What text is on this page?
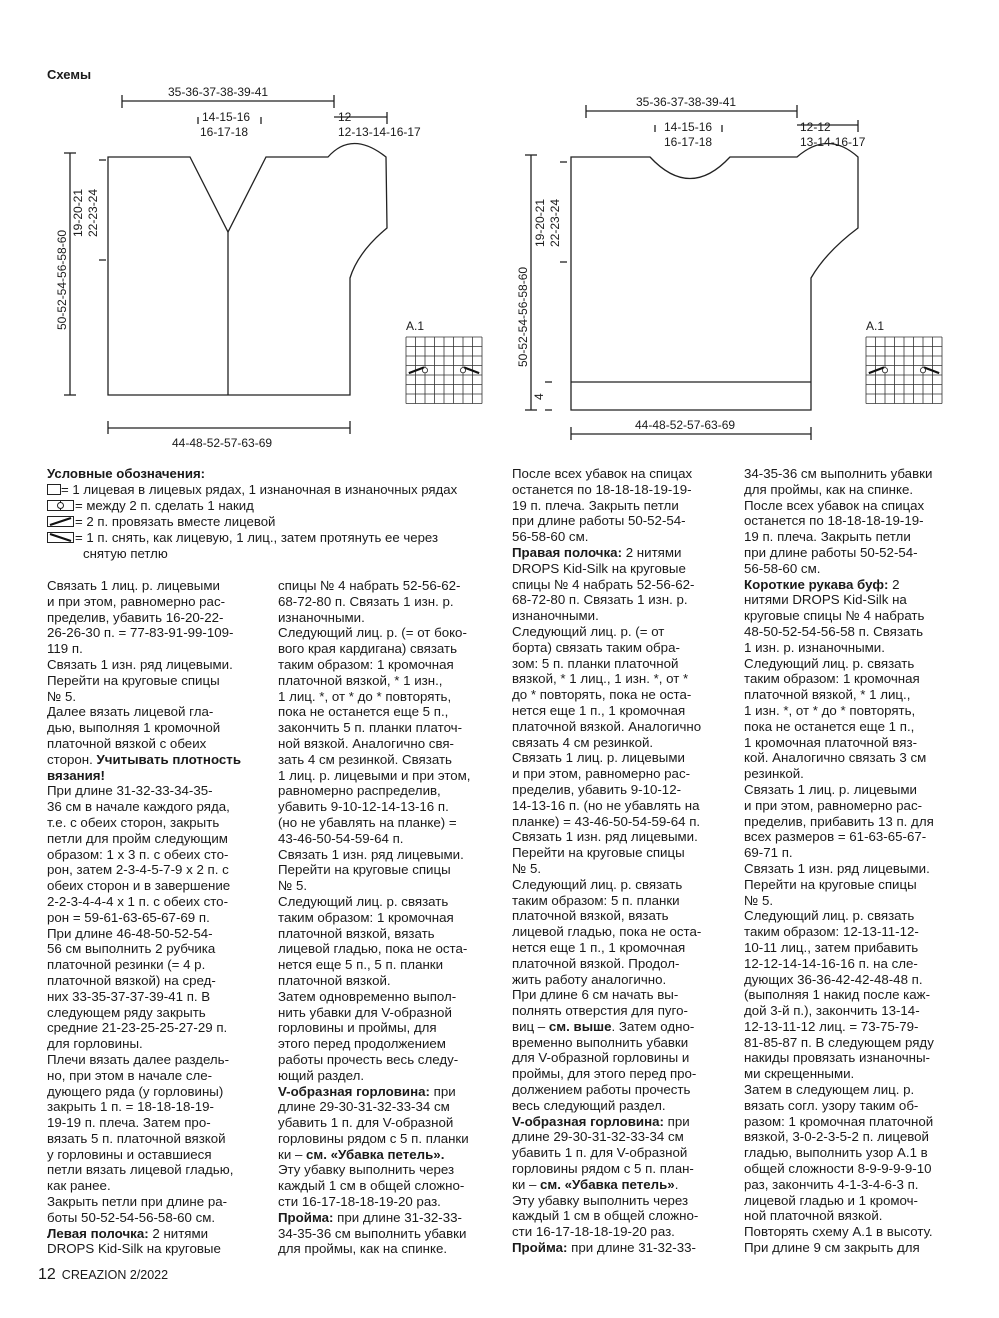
35-36-37-38-39-41
14-15-16
16-17-18
12
12-13-14-16-17
50-52-54-56-58-60
19-20-21 22-23-24
44-48-52-57-63-69
A.1
35-36-37-38-39-41
14-15-16
16-17-18
12-12
13-14-16-17
50-52-54-56-58-60
19-20-21 22-23-24
4
44-48-52-57-63-69
A.1
Схемы
Условные обозначения:
= 1 лицевая в лицевых рядах, 1 изнаночная в изнаночных рядах
= между 2 п. сделать 1 накид
= 2 п. провязать вместе лицевой
= 1 п. снять, как лицевую, 1 лиц., затем протянуть ее через
снятую петлю

Связать 1 лиц. р. лицевыми

и при этом, равномерно рас-

пределив, убавить 16-20-22-

26-26-30 п. = 77-83-91-99-109-

119 п.

Связать 1 изн. ряд лицевыми.

Перейти на круговые спицы

№ 5.

Далее вязать лицевой гла-

дью, выполняя 1 кромочной

платочной вязкой с обеих

сторон. Учитывать плотность

вязания!

При длине 31-32-33-34-35-

36 см в начале каждого ряда,

т.е. с обеих сторон, закрыть

петли для пройм следующим

образом: 1 х 3 п. с обеих сто-

рон, затем 2-3-4-5-7-9 х 2 п. с

обеих сторон и в завершение

2-2-3-4-4-4 х 1 п. с обеих сто-

рон = 59-61-63-65-67-69 п.

При длине 46-48-50-52-54-

56 см выполнить 2 рубчика

платочной резинки (= 4 р.

платочной вязкой) на сред-

них 33-35-37-37-39-41 п. В

следующем ряду закрыть

средние 21-23-25-25-27-29 п.

для горловины.

Плечи вязать далее раздель-

но, при этом в начале сле-

дующего ряда (у горловины)

закрыть 1 п. = 18-18-18-19-

19-19 п. плеча. Затем про-

вязать 5 п. платочной вязкой

у горловины и оставшиеся

петли вязать лицевой гладью,

как ранее.

Закрыть петли при длине ра-

боты 50-52-54-56-58-60 см.

Левая полочка: 2 нитями

DROPS Kid-Silk на круговые

спицы № 4 набрать 52-56-62-

68-72-80 п. Связать 1 изн. р.

изнаночными.

Следующий лиц. р. (= от боко-

вого края кардигана) связать

таким образом: 1 кромочная

платочной вязкой, * 1 изн.,

1 лиц. *, от * до * повторять,

пока не останется еще 5 п.,

закончить 5 п. планки платоч-

ной вязкой. Аналогично свя-

зать 4 см резинкой. Связать

1 лиц. р. лицевыми и при этом,

равномерно распределив,

убавить 9-10-12-14-13-16 п.

(но не убавлять на планке) =

43-46-50-54-59-64 п.

Связать 1 изн. ряд лицевыми.

Перейти на круговые спицы

№ 5.

Следующий лиц. р. связать

таким образом: 1 кромочная

платочной вязкой, вязать

лицевой гладью, пока не оста-

нется еще 5 п., 5 п. планки

платочной вязкой.

Затем одновременно выпол-

нить убавки для V-образной

горловины и проймы, для

этого перед продолжением

работы прочесть весь следу-

ющий раздел.

V-образная горловина: при

длине 29-30-31-32-33-34 см

убавить 1 п. для V-образной

горловины рядом с 5 п. планки

ки – см. «Убавка петель».

Эту убавку выполнить через

каждый 1 см в общей сложно-

сти 16-17-18-18-19-20 раз.

Пройма: при длине 31-32-33-

34-35-36 см выполнить убавки

для проймы, как на спинке.

После всех убавок на спицах

останется по 18-18-18-19-19-

19 п. плеча. Закрыть петли

при длине работы 50-52-54-

56-58-60 см.

Правая полочка: 2 нитями

DROPS Kid-Silk на круговые

спицы № 4 набрать 52-56-62-

68-72-80 п. Связать 1 изн. р.

изнаночными.

Следующий лиц. р. (= от

борта) связать таким обра-

зом: 5 п. планки платочной

вязкой, * 1 лиц., 1 изн. *, от *

до * повторять, пока не оста-

нется еще 1 п., 1 кромочная

платочной вязкой. Аналогично

связать 4 см резинкой.

Связать 1 лиц. р. лицевыми

и при этом, равномерно рас-

пределив, убавить 9-10-12-

14-13-16 п. (но не убавлять на

планке) = 43-46-50-54-59-64 п.

Связать 1 изн. ряд лицевыми.

Перейти на круговые спицы

№ 5.

Следующий лиц. р. связать

таким образом: 5 п. планки

платочной вязкой, вязать

лицевой гладью, пока не оста-

нется еще 1 п., 1 кромочная

платочной вязкой. Продол-

жить работу аналогично.

При длине 6 см начать вы-

полнять отверстия для пуго-

виц – см. выше. Затем одно-

временно выполнить убавки

для V-образной горловины и

проймы, для этого перед про-

должением работы прочесть

весь следующий раздел.

V-образная горловина: при

длине 29-30-31-32-33-34 см

убавить 1 п. для V-образной

горловины рядом с 5 п. план-

ки – см. «Убавка петель».

Эту убавку выполнить через

каждый 1 см в общей сложно-

сти 16-17-18-18-19-20 раз.

Пройма: при длине 31-32-33-

34-35-36 см выполнить убавки

для проймы, как на спинке.

После всех убавок на спицах

останется по 18-18-18-19-19-

19 п. плеча. Закрыть петли

при длине работы 50-52-54-

56-58-60 см.

Короткие рукава буф: 2

нитями DROPS Kid-Silk на

круговые спицы № 4 набрать

48-50-52-54-56-58 п. Связать

1 изн. р. изнаночными.

Следующий лиц. р. связать

таким образом: 1 кромочная

платочной вязкой, * 1 лиц.,

1 изн. *, от * до * повторять,

пока не останется еще 1 п.,

1 кромочная платочной вяз-

кой. Аналогично связать 3 см

резинкой.

Связать 1 лиц. р. лицевыми

и при этом, равномерно рас-

пределив, прибавить 13 п. для

всех размеров = 61-63-65-67-

69-71 п.

Связать 1 изн. ряд лицевыми.

Перейти на круговые спицы

№ 5.

Следующий лиц. р. связать

таким образом: 12-13-11-12-

10-11 лиц., затем прибавить

12-12-14-14-16-16 п. на сле-

дующих 36-36-42-42-48-48 п.

(выполняя 1 накид после каж-

дой 3-й п.), закончить 13-14-

12-13-11-12 лиц. = 73-75-79-

81-85-87 п. В следующем ряду

накиды провязать изнаночны-

ми скрещенными.

Затем в следующем лиц. р.

вязать согл. узору таким об-

разом: 1 кромочная платочной

вязкой, 3-0-2-3-5-2 п. лицевой

гладью, выполнить узор А.1 в

общей сложности 8-9-9-9-9-10

раз, закончить 4-1-3-4-6-3 п.

лицевой гладью и 1 кромоч-

ной платочной вязкой.

Повторять схему А.1 в высоту.

При длине 9 см закрыть для

12 CREAZION 2/2022
